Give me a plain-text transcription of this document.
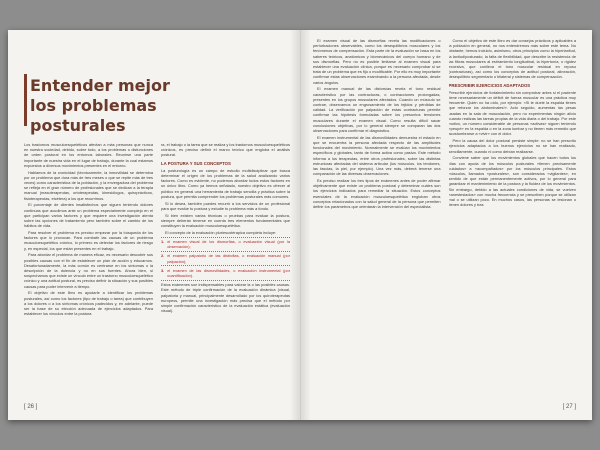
Entender mejor
los problemas posturales

Los trastornos musculoesqueléticos afectan a más personas que nunca en nuestra sociedad, debido, sobre todo, a los problemas o disfunciones de orden postural en los entornos laborales. Reunirse una parte importante de nuestra vida en el lugar de trabajo, durante la cual estamos expuestos a diversos movimientos presentes en el entorno.

Hablamos de la cronicidad (técnicamente, la inmovilidad se determina por un problema que dura más de tres meses o que se repite más de tres veces) como característica de la población, y la envergadura del problema se refleja en el gran número de profesionales que se dedican a la terapia manual (masoterapeutas, ortoterapeutas, kinesiólogos, quiroprácticos, fisioterapeutas, etcétera) a los que recurrimos.

El porcentaje de clientes insatisfechos que siguen teniendo dolores continúas que acudimos ante un problema especialmente complejo en el que participan varios factores y que requiere una investigación atenta sobre las opciones de tratamiento pero también sobre el cambio de los hábitos de vida.

Para resolver el problema es preciso empezar por la búsqueda de los factores que lo provocan. Para combatir las causas de un problema musculoesquelético crónico, lo primero es detectar los factores de riesgo y, en especial, los que están presentes en el trabajo.

Para abordar el problema de manera eficaz, es necesario descubrir sus posibles causas con el fin de establecer un plan de acción y educarnos. Desafortunadamente, la más común es centrarse en los síntomas o la descripción de la dolencia y no en sus fuentes. Ahora bien, si sospechamos que existe un vínculo entre un trastorno musculoesquelético crónico y una actitud postural, es preciso definir la situación y sus posibles causas para poder intervenir a tiempo.

El objetivo de este libro es ayudarle a identificar los problemas posturales, así como los factores (tipo de trabajo o tarea) que contribuyen a los dolores o a los síntomas crónicos padecidos y, en adelante, puede ser la base de su elección adecuada de ejercicios adaptados. Para establecer los vínculos entre la postura

ra, el trabajo o la tarea que se realiza y los trastornos musculoesqueléticos crónicos, es preciso definir el marco teórico que engloba el análisis postural.

LA POSTURA Y SUS CONCEPTOS

La posturología es un campo de estudio multidisciplinar que busca determinar el origen de los problemas de la salud analizando varios factores. Como es evidente, no podemos abordar todos estos factores en un único libro. Como ya hemos señalado, nuestro objetivo es ofrecer al público en general una herramienta de trabajo sencilla y práctica sobre la postura, que permita comprender los problemas posturales más comunes.

Si lo desea, también puedes recurrir a los servicios de un profesional para que evalúe tu postura y estudie tu problema más a fondo.

Si bien existen varias técnicas o pruebas para evaluar la postura, siempre deberán tenerse en cuenta tres elementos fundamentales que constituyen la evaluación musculoesquelética.

El concepto de la evaluación pluriescotérapica completa incluye:

1. el examen visual de los dismorfias, o evaluación visual (por la observación);
2. el examen palpatorio de las distrofias, o evaluación manual (por palpación);
3. el examen de las dismovilidades, o evaluación instrumental (por cuantificación).

Estos exámenes son indispensables para valorar la o las posibles causas. Este método de triple confirmación de la evaluación dinámica (visual, palpatoria y manual, principalmente desarrollado por los quiroterapeutas europeos, permite una investigación más precisa que el método por simple confirmación característico de la evaluación estática (evaluación visual).

[ 26 ]

El examen visual de las dismorfias revela las modificaciones o perturbaciones observables, como los desequilibrios musculares y los fenómenos de compensación. Esta parte de la evaluación se basa en los saberes teóricos, anatómicos y biomecánicos del cuerpo humano y de sus dismorfias. Pero no es posible limitarse al examen visual para establecer una evaluación clínica, porque es necesario comprobar si se trata de un problema que es fijo o modificable. Por ello es muy importante confirmar estas observaciones examinando a la persona afectada, desde varios ángulos.

El examen manual de las distorsías revela el tono residual característico por las contracturas, o contracciones prolongadas, presentes en los grupos musculares afectados. Cuando un músculo se contrae, observamos un engrosamiento de los tejidos y pérdidas de calidad. La verificación por palpación de estas contracturas permite confirmar las hipótesis formuladas sobre los presuntos tensiones musculares durante el examen visual. Como resulta difícil sacar conclusiones objetivas, por lo general siempre se comparan las dos observaciones para confirmar el diagnóstico.

El examen instrumental de las dismovilidades demuestra el estado en que se encuentra la persona afectada respecto de las amplitudes funcionales del movimiento. Normalmente se evalúan los movimientos específicos y globales, tanto de forma activa como pasiva. Este método informa a los terapeutas, entre otros profesionales, sobre las distintas estructuras afectadas del sistema articular (los músculos, los tendones, las fascias, la piel, por ejemplo). Una vez más, deberá tenerse una comparación de las diversas observaciones.

Es preciso realizar los tres tipos de exámenes antes de poder afirmar objetivamente que existe un problema postural y determinar cuáles son los ejercicios indicados para remediar la situación. Estos conceptos esenciales de la evaluación musculoesquelética engloban otros conceptos relacionados con la salud general de la persona que permiten definir los parámetros que orientarán la intervención del especialista.

Como el objetivo de este libro es dar consejos prácticos y aplicables a la población en general, no nos entendremos más sobre este tema. No obstante, hemos incluido, asimismo, otros principios como la hiperlaxitud, la laxitud/posturado, la falta de flexibilidad, que describe la resistencia de las fibras musculares al estiramiento longitudinal, la hipertonía, o rigidez excesiva, que conlleva el tono muscular residual en reposo (contracturas), así como los conceptos de actitud postural, alineación, desequilibrio segmentario o bilateral y sistemas de compensación.

PRESCRIBIR EJERCICIOS ADAPTADOS

Prescribir ejercicios de fortalecimiento sin comprobar antes si el paciente tiene necesariamente un déficit de fuerza muscular es una práctica muy frecuente. Quién no ha oído, por ejemplo: «Si te duele la espalda tienes que reforzar los abdominales!». Acto seguido, aumentas las pesas usadas en la sala de musculación, pero no experimentas ningún alivio cuando realizas las tareas propias de la vida diaria o del trabajo. Por este motivo, un número considerable de personas «activas» siguen teniendo «peupé» en la espalda o en la zona lumbar y no tienen más remedio que acostumbrarse a «vivir» con el dolor.

Pero la causa del dolor postural persiste simple: no se han prescrito ejercicios adaptados a los buenos ejercicios no se han realizado, sencillamente, cuando ni como debían realizarse.

Conviene saber que los movimientos globales que hacen todos los días con ayuda de los músculos posturales «tienen precisamente cuidados» a «acompañados» por los músculos principales. Estos músculos, llamados «posturales», son considerados «vigilantes», en sentido de que están permanentemente activos, por lo general para garantizar el mantenimiento de la postura y la fluidez de los movimientos. Sin embargo, debido a las actuales condiciones de vida, se vuelven «anestesiados» con mucha frecuencia y se prescriben porque se utilizan mal o se utilizan poco. En muchos casos, las personas se lesionan o tienen dolores y tras

[ 27 ]
